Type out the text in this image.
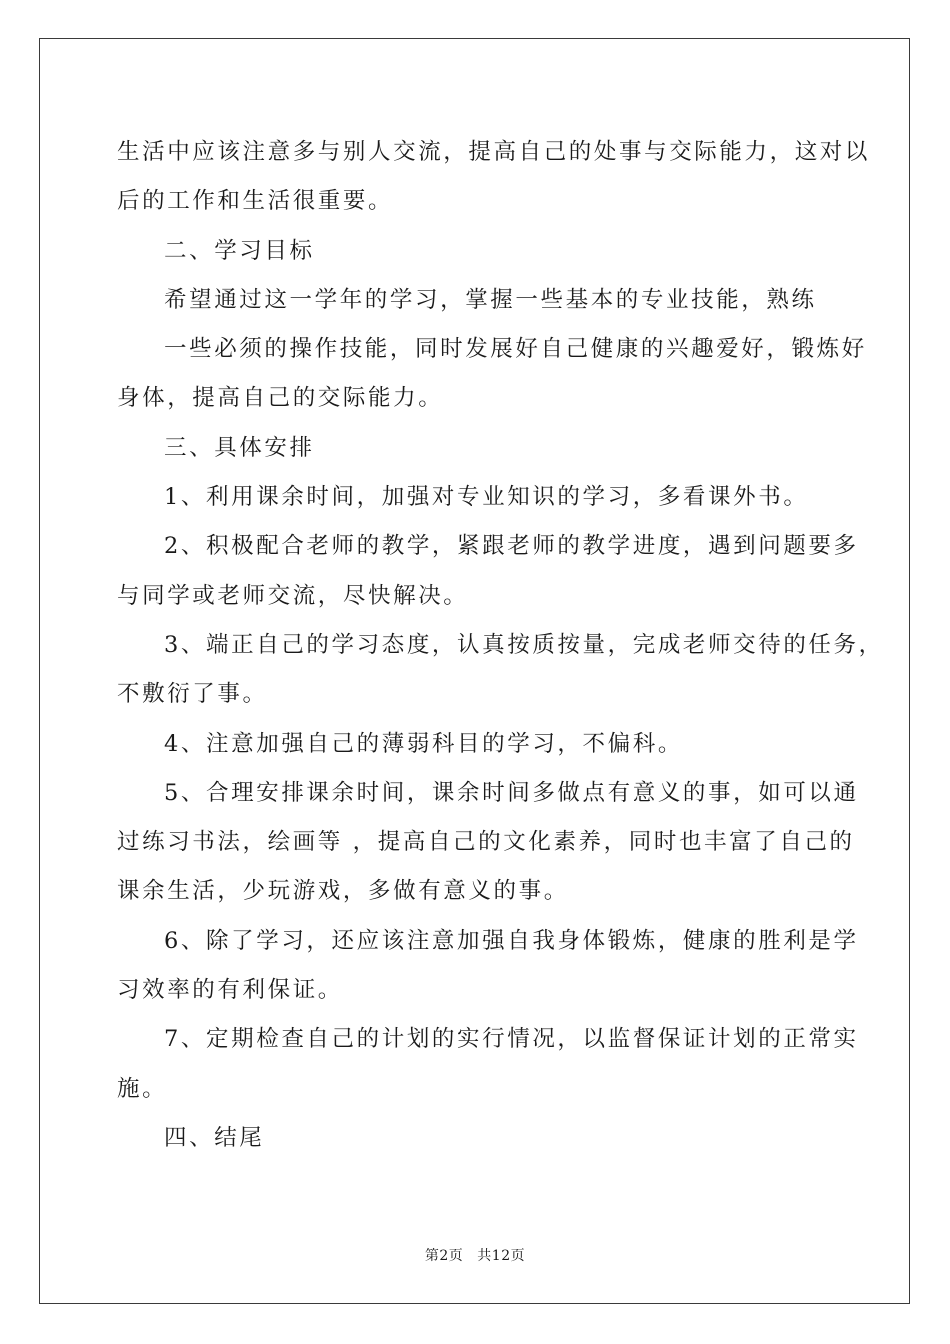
生活中应该注意多与别人交流，提高自己的处事与交际能力，这对以
后的工作和生活很重要。
二、学习目标
希望通过这一学年的学习，掌握一些基本的专业技能，熟练
一些必须的操作技能，同时发展好自己健康的兴趣爱好，锻炼好
身体，提高自己的交际能力。
三、具体安排
1、利用课余时间，加强对专业知识的学习，多看课外书。
2、积极配合老师的教学，紧跟老师的教学进度，遇到问题要多
与同学或老师交流，尽快解决。
3、端正自己的学习态度，认真按质按量，完成老师交待的任务，
不敷衍了事。
4、注意加强自己的薄弱科目的学习，不偏科。
5、合理安排课余时间，课余时间多做点有意义的事，如可以通
过练习书法，绘画等 ，提高自己的文化素养，同时也丰富了自己的
课余生活，少玩游戏，多做有意义的事。
6、除了学习，还应该注意加强自我身体锻炼，健康的胜利是学
习效率的有利保证。
7、定期检查自己的计划的实行情况，以监督保证计划的正常实
施。
四、结尾
第2页 共12页
